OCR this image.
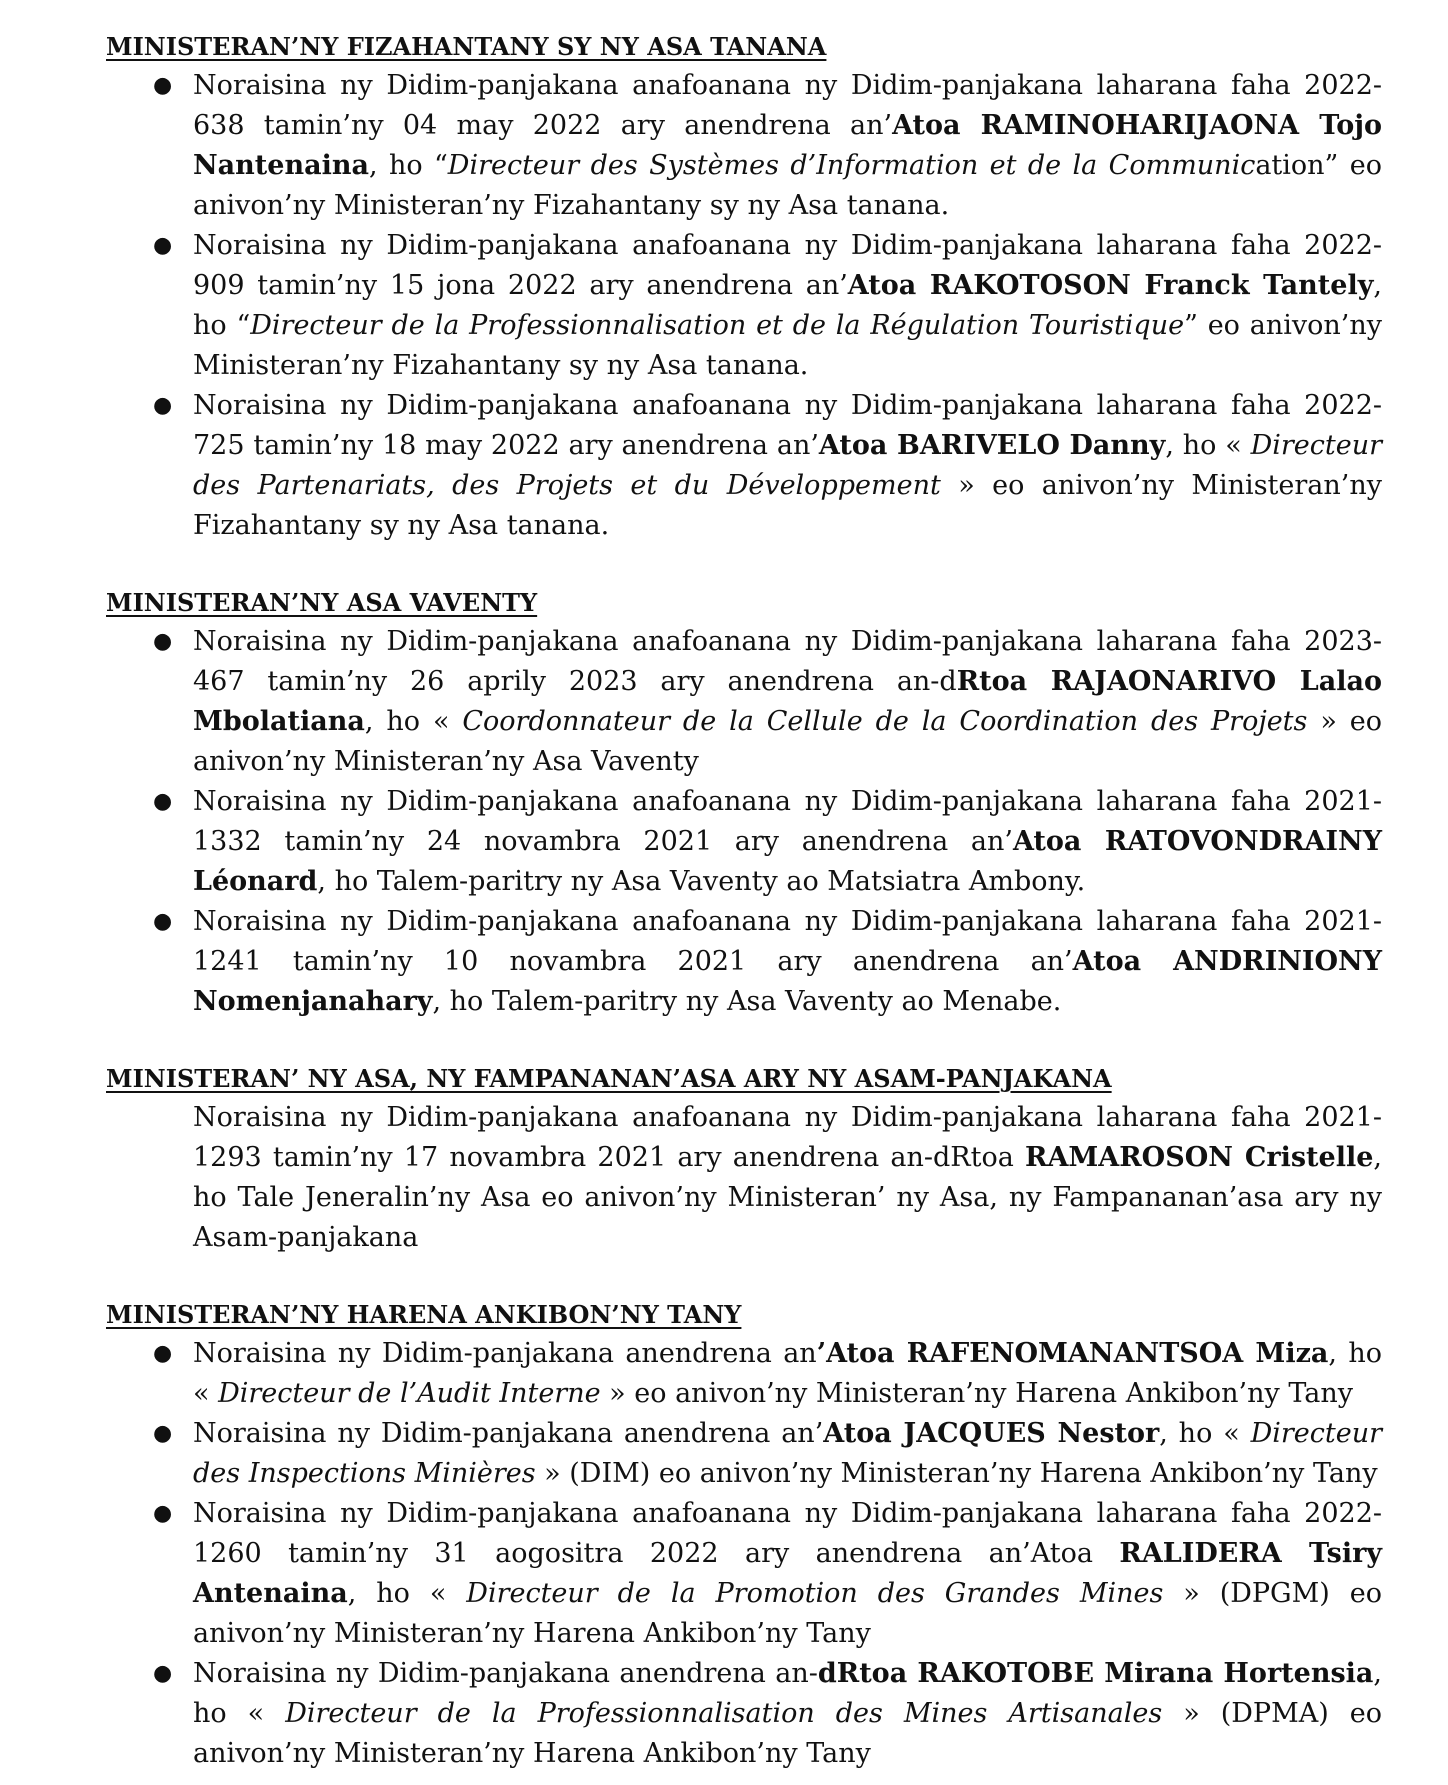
MINISTERAN’NY FIZAHANTANY SY NY ASA TANANA
● Noraisina ny Didim-panjakana anafoanana ny Didim-panjakana laharana faha 2022-638 tamin’ny 04 may 2022 ary anendrena an’Atoa RAMINOHARIJAONA Tojo Nantenaina, ho “Directeur des Systèmes d’Information et de la Communication” eo anivon’ny Ministeran’ny Fizahantany sy ny Asa tanana.
● Noraisina ny Didim-panjakana anafoanana ny Didim-panjakana laharana faha 2022-909 tamin’ny 15 jona 2022 ary anendrena an’Atoa RAKOTOSON Franck Tantely, ho “Directeur de la Professionnalisation et de la Régulation Touristique” eo anivon’ny Ministeran’ny Fizahantany sy ny Asa tanana.
● Noraisina ny Didim-panjakana anafoanana ny Didim-panjakana laharana faha 2022-725 tamin’ny 18 may 2022 ary anendrena an’Atoa BARIVELO Danny, ho « Directeur des Partenariats, des Projets et du Développement » eo anivon’ny Ministeran’ny Fizahantany sy ny Asa tanana.
MINISTERAN’NY ASA VAVENTY
● Noraisina ny Didim-panjakana anafoanana ny Didim-panjakana laharana faha 2023-467 tamin’ny 26 aprily 2023 ary anendrena an-dRtoa RAJAONARIVO Lalao Mbolatiana, ho « Coordonnateur de la Cellule de la Coordination des Projets » eo anivon’ny Ministeran’ny Asa Vaventy
● Noraisina ny Didim-panjakana anafoanana ny Didim-panjakana laharana faha 2021-1332 tamin’ny 24 novambra 2021 ary anendrena an’Atoa RATOVONDRAINY Léonard, ho Talem-paritry ny Asa Vaventy ao Matsiatra Ambony.
● Noraisina ny Didim-panjakana anafoanana ny Didim-panjakana laharana faha 2021-1241 tamin’ny 10 novambra 2021 ary anendrena an’Atoa ANDRINIONY Nomenjanahary, ho Talem-paritry ny Asa Vaventy ao Menabe.
MINISTERAN’ NY ASA, NY FAMPANANAN’ASA ARY NY ASAM-PANJAKANA

Noraisina ny Didim-panjakana anafoanana ny Didim-panjakana laharana faha 2021-1293 tamin’ny 17 novambra 2021 ary anendrena an-dRtoa RAMAROSON Cristelle, ho Tale Jeneralin’ny Asa eo anivon’ny Ministeran’ ny Asa, ny Fampananan’asa ary ny Asam-panjakana

MINISTERAN’NY HARENA ANKIBON’NY TANY
● Noraisina ny Didim-panjakana anendrena an’Atoa RAFENOMANANTSOA Miza, ho « Directeur de l’Audit Interne » eo anivon’ny Ministeran’ny Harena Ankibon’ny Tany
● Noraisina ny Didim-panjakana anendrena an’Atoa JACQUES Nestor, ho « Directeur des Inspections Minières » (DIM) eo anivon’ny Ministeran’ny Harena Ankibon’ny Tany
● Noraisina ny Didim-panjakana anafoanana ny Didim-panjakana laharana faha 2022-1260 tamin’ny 31 aogositra 2022 ary anendrena an’Atoa RALIDERA Tsiry Antenaina, ho « Directeur de la Promotion des Grandes Mines » (DPGM) eo anivon’ny Ministeran’ny Harena Ankibon’ny Tany
● Noraisina ny Didim-panjakana anendrena an-dRtoa RAKOTOBE Mirana Hortensia, ho « Directeur de la Professionnalisation des Mines Artisanales » (DPMA) eo anivon’ny Ministeran’ny Harena Ankibon’ny Tany
